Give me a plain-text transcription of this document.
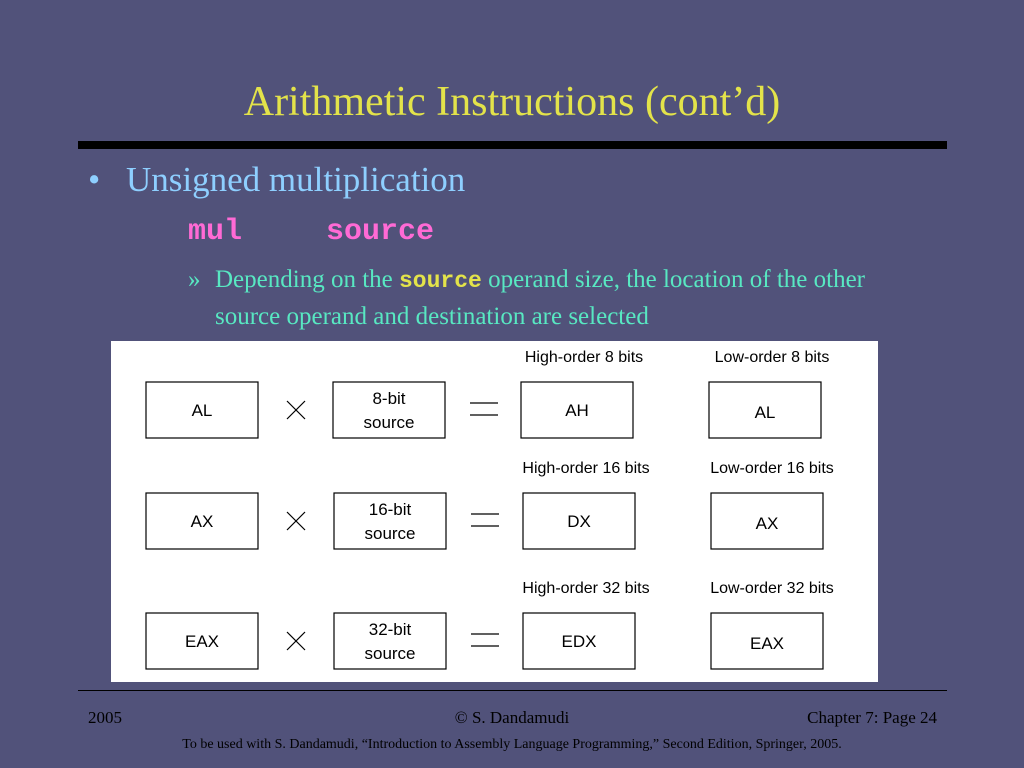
Arithmetic Instructions (cont’d)
• Unsigned multiplication
mul	source
» Depending on the source operand size, the location of the other source operand and destination are selected
High-order 8 bits	Low-order 8 bits
AL
8-bit
source
AH	AL
High-order 16 bits	Low-order 16 bits
AX
16-bit
source
DX	AX
High-order 32 bits	Low-order 32 bits
EAX
32-bit
source
EDX	EAX
2005	© S. Dandamudi	Chapter 7: Page 24
To be used with S. Dandamudi, “Introduction to Assembly Language Programming,” Second Edition, Springer, 2005.
